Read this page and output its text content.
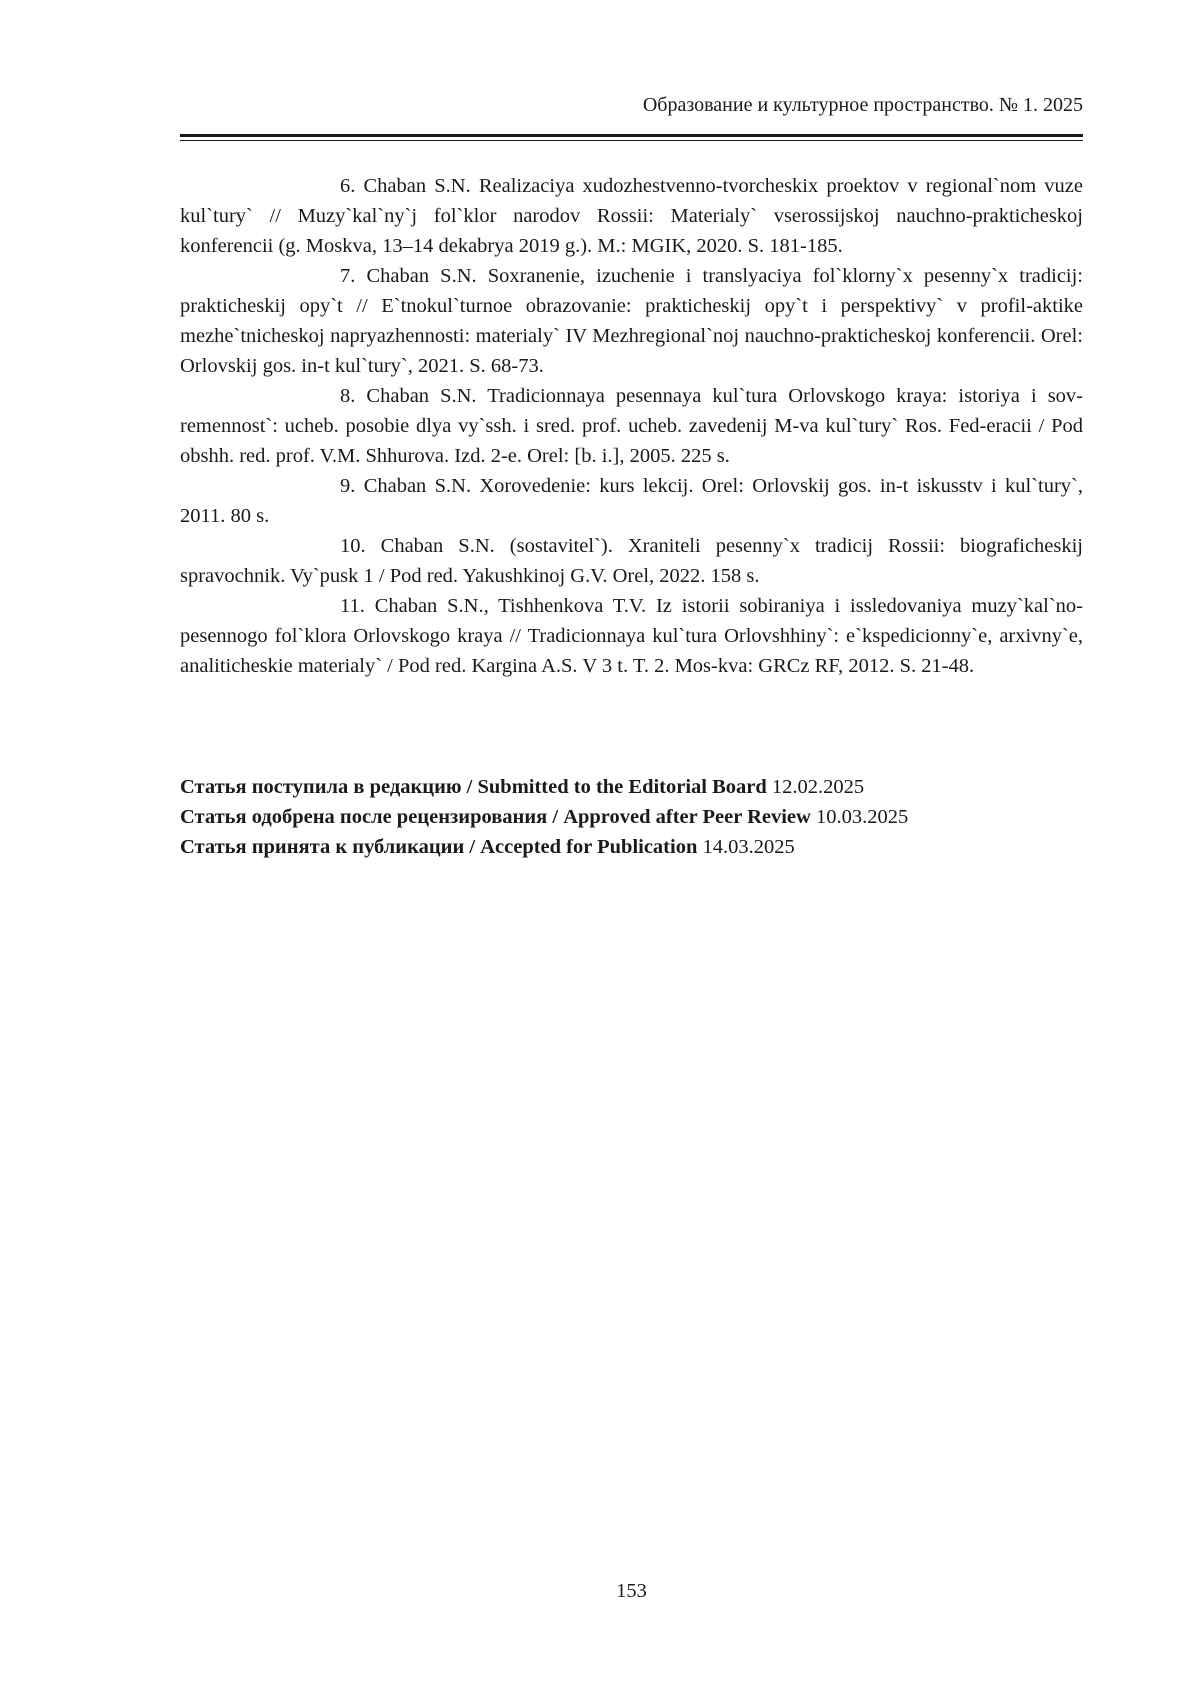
Образование и культурное пространство. № 1. 2025

6. Chaban S.N. Realizaciya xudozhestvenno-tvorcheskix proektov v regional`nom vuze kul`tury` // Muzy`kal`ny`j fol`klor narodov Rossii: Materialy` vserossijskoj nauchno-prakticheskoj konferencii (g. Moskva, 13–14 dekabrya 2019 g.). M.: MGIK, 2020. S. 181-185.

7. Chaban S.N. Soxranenie, izuchenie i translyaciya fol`klorny`x pesenny`x tradicij: prakticheskij opy`t // E`tnokul`turnoe obrazovanie: prakticheskij opy`t i perspektivy` v profil-aktike mezhe`tnicheskoj napryazhennosti: materialy` IV Mezhregional`noj nauchno-prakticheskoj konferencii. Orel: Orlovskij gos. in-t kul`tury`, 2021. S. 68-73.

8. Chaban S.N. Tradicionnaya pesennaya kul`tura Orlovskogo kraya: istoriya i sov-remennost`: ucheb. posobie dlya vy`ssh. i sred. prof. ucheb. zavedenij M-va kul`tury` Ros. Fed-eracii / Pod obshh. red. prof. V.M. Shhurova. Izd. 2-e. Orel: [b. i.], 2005. 225 s.

9. Chaban S.N. Xorovedenie: kurs lekcij. Orel: Orlovskij gos. in-t iskusstv i kul`tury`, 2011. 80 s.

10. Chaban S.N. (sostavitel`). Xraniteli pesenny`x tradicij Rossii: biograficheskij spravochnik. Vy`pusk 1 / Pod red. Yakushkinoj G.V. Orel, 2022. 158 s.

11. Chaban S.N., Tishhenkova T.V. Iz istorii sobiraniya i issledovaniya muzy`kal`no-pesennogo fol`klora Orlovskogo kraya // Tradicionnaya kul`tura Orlovshhiny`: e`kspedicionny`e, arxivny`e, analiticheskie materialy` / Pod red. Kargina A.S. V 3 t. T. 2. Mos-kva: GRCz RF, 2012. S. 21-48.

Статья поступила в редакцию / Submitted to the Editorial Board 12.02.2025

Статья одобрена после рецензирования / Approved after Peer Review 10.03.2025

Статья принята к публикации / Accepted for Publication 14.03.2025

153
